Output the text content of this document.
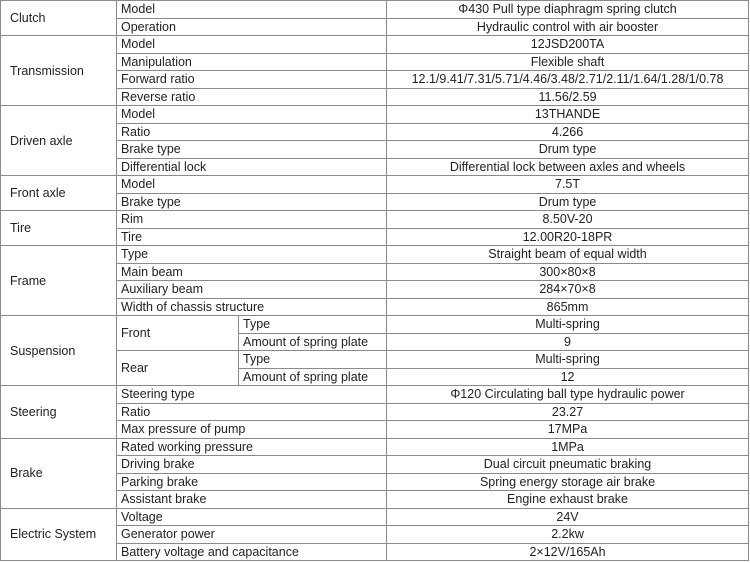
Clutch	Model		Φ430 Pull type diaphragm spring clutch
	Operation		Hydraulic control with air booster
Transmission	Model		12JSD200TA
	Manipulation		Flexible shaft
	Forward ratio		12.1/9.41/7.31/5.71/4.46/3.48/2.71/2.11/1.64/1.28/1/0.78
	Reverse ratio		11.56/2.59
Driven axle	Model		13THANDE
	Ratio		4.266
	Brake type		Drum type
	Differential lock		Differential lock between axles and wheels
Front axle	Model		7.5T
	Brake type		Drum type
Tire	Rim		8.50V-20
	Tire		12.00R20-18PR
Frame	Type		Straight beam of equal width
	Main beam		300×80×8
	Auxiliary beam		284×70×8
	Width of chassis structure		865mm
Suspension	Front	Type	Multi-spring
		Amount of spring plate	9
	Rear	Type	Multi-spring
		Amount of spring plate	12
Steering	Steering type		Φ120 Circulating ball type hydraulic power
	Ratio		23.27
	Max pressure of pump		17MPa
Brake	Rated working pressure		1MPa
	Driving brake		Dual circuit pneumatic braking
	Parking brake		Spring energy storage air brake
	Assistant brake		Engine exhaust brake
Electric System	Voltage		24V
	Generator power		2.2kw
	Battery voltage and capacitance		2×12V/165Ah
